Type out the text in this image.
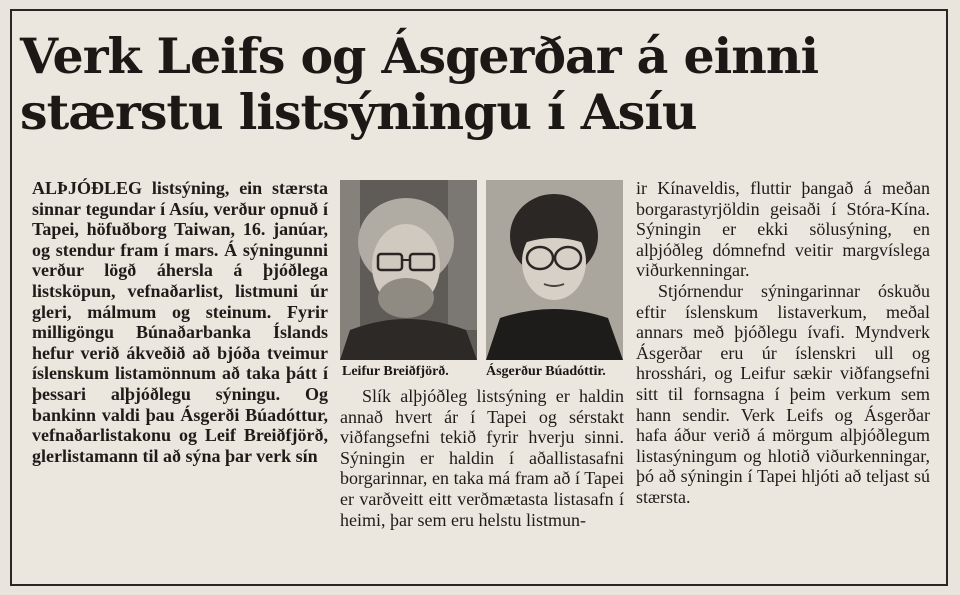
Verk Leifs og Ásgerðar á einni
stærstu listsýningu í Asíu

ALÞJÓÐLEG listsýning, ein stærsta sinnar tegundar í Asíu, verður opnuð í Tapei, höfuðborg Taiwan, 16. janúar, og stendur fram í mars. Á sýningunni verður lögð áhersla á þjóðlega listsköpun, vefnaðarlist, listmuni úr gleri, málmum og steinum. Fyrir milligöngu Búnaðarbanka Íslands hefur verið ákveðið að bjóða tveimur íslenskum listamönnum að taka þátt í þessari alþjóðlegu sýningu. Og bankinn valdi þau Ásgerði Búadóttur, vefnaðarlistakonu og Leif Breiðfjörð, glerlistamann til að sýna þar verk sín

Leifur Breiðfjörð.	Ásgerður Búadóttir.

Slík alþjóðleg listsýning er haldin annað hvert ár í Tapei og sérstakt viðfangsefni tekið fyrir hverju sinni. Sýningin er haldin í aðallistasafni borgarinnar, en taka má fram að í Tapei er varðveitt eitt verðmætasta listasafn í heimi, þar sem eru helstu listmun-

ir Kínaveldis, fluttir þangað á meðan borgarastyrjöldin geisaði í Stóra-Kína. Sýningin er ekki sölusýning, en alþjóðleg dómnefnd veitir margvíslega viðurkenningar.

Stjórnendur sýningarinnar óskuðu eftir íslenskum listaverkum, meðal annars með þjóðlegu ívafi. Myndverk Ásgerðar eru úr íslenskri ull og hrosshári, og Leifur sækir viðfangsefni sitt til fornsagna í þeim verkum sem hann sendir. Verk Leifs og Ásgerðar hafa áður verið á mörgum alþjóðlegum listasýningum og hlotið viðurkenningar, þó að sýningin í Tapei hljóti að teljast sú stærsta.
